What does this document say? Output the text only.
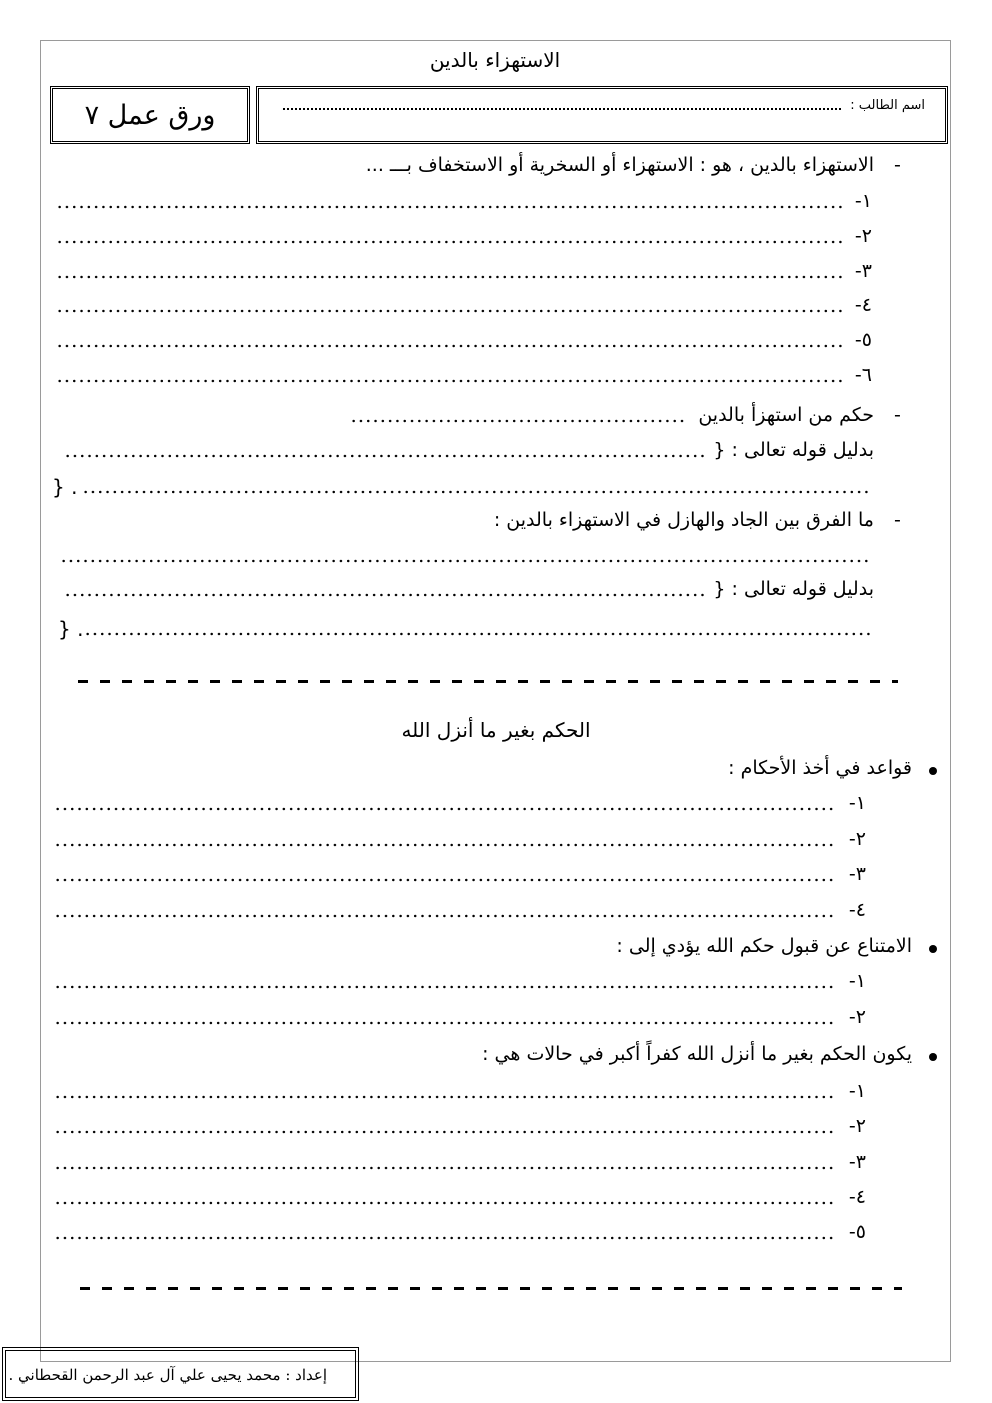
الاستهزاء بالدين
ورق عمل ٧	اسم الطالب :
-
الاستهزاء بالدين ، هو : الاستهزاء أو السخرية أو الاستخفاف بـــ ...
١-
٢-
٣-
٤-
٥-
٦-
-
حكم من استهزأ بالدين
بدليل قوله تعالى : {
} .
-
ما الفرق بين الجاد والهازل في الاستهزاء بالدين :
بدليل قوله تعالى : {
} .
الحكم بغير ما أنزل الله
قواعد في أخذ الأحكام :
١-
٢-
٣-
٤-
الامتناع عن قبول حكم الله يؤدي إلى :
١-
٢-
يكون الحكم بغير ما أنزل الله كفراً أكبر في حالات هي :
١-
٢-
٣-
٤-
٥-
إعداد : محمد يحيى علي آل عبد الرحمن القحطاني .
